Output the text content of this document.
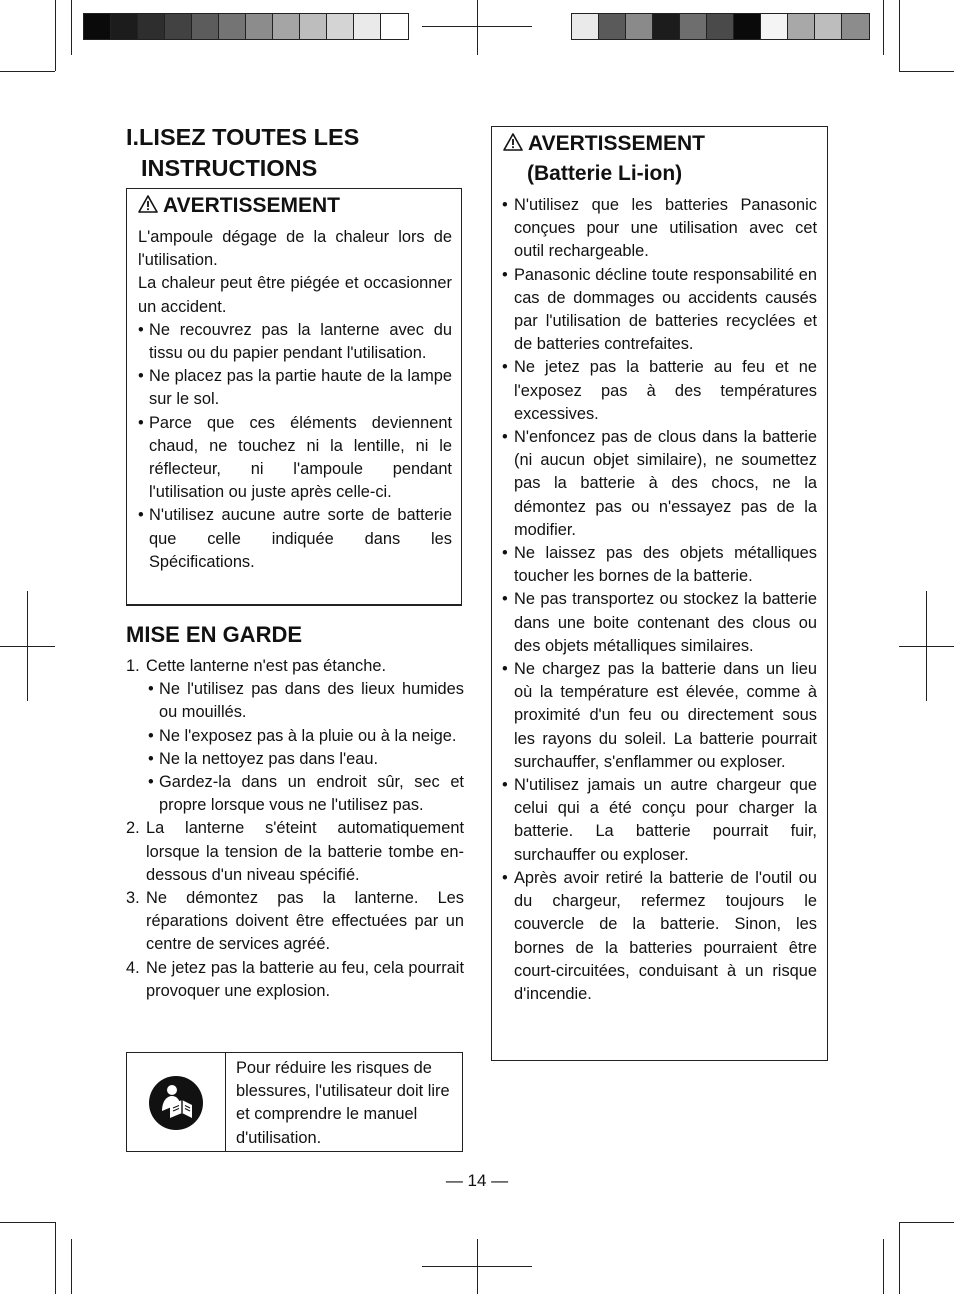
I.LISEZ TOUTES LES
INSTRUCTIONS
AVERTISSEMENT

L'ampoule dégage de la chaleur lors de l'utilisation.

La chaleur peut être piégée et occasionner un accident.

• Ne recouvrez pas la lanterne avec du tissu ou du papier pendant l'utilisation.
• Ne placez pas la partie haute de la lampe sur le sol.
• Parce que ces éléments deviennent chaud, ne touchez ni la lentille, ni le réflecteur, ni l'ampoule pendant l'utilisation ou juste après celle-ci.
• N'utilisez aucune autre sorte de batterie que celle indiquée dans les Spécifications.
MISE EN GARDE
1. Cette lanterne n'est pas étanche.
• Ne l'utilisez pas dans des lieux humides ou mouillés.
• Ne l'exposez pas à la pluie ou à la neige.
• Ne la nettoyez pas dans l'eau.
• Gardez-la dans un endroit sûr, sec et propre lorsque vous ne l'utilisez pas.
2. La lanterne s'éteint automatiquement lorsque la tension de la batterie tombe en-dessous d'un niveau spécifié.
3. Ne démontez pas la lanterne. Les réparations doivent être effectuées par un centre de services agréé.
4. Ne jetez pas la batterie au feu, cela pourrait provoquer une explosion.
Pour réduire les risques de blessures, l'utilisateur doit lire et comprendre le manuel d'utilisation.
AVERTISSEMENT
(Batterie Li-ion)
• N'utilisez que les batteries Panasonic conçues pour une utilisation avec cet outil rechargeable.
• Panasonic décline toute responsabilité en cas de dommages ou accidents causés par l'utilisation de batteries recyclées et de batteries contrefaites.
• Ne jetez pas la batterie au feu et ne l'exposez pas à des températures excessives.
• N'enfoncez pas de clous dans la batterie (ni aucun objet similaire), ne soumettez pas la batterie à des chocs, ne la démontez pas ou n'essayez pas de la modifier.
• Ne laissez pas des objets métalliques toucher les bornes de la batterie.
• Ne pas transportez ou stockez la batterie dans une boite contenant des clous ou des objets métalliques similaires.
• Ne chargez pas la batterie dans un lieu où la température est élevée, comme à proximité d'un feu ou directement sous les rayons du soleil. La batterie pourrait surchauffer, s'enflammer ou exploser.
• N'utilisez jamais un autre chargeur que celui qui a été conçu pour charger la batterie. La batterie pourrait fuir, surchauffer ou exploser.
• Après avoir retiré la batterie de l'outil ou du chargeur, refermez toujours le couvercle de la batterie. Sinon, les bornes de la batteries pourraient être court-circuitées, conduisant à un risque d'incendie.
— 14 —
